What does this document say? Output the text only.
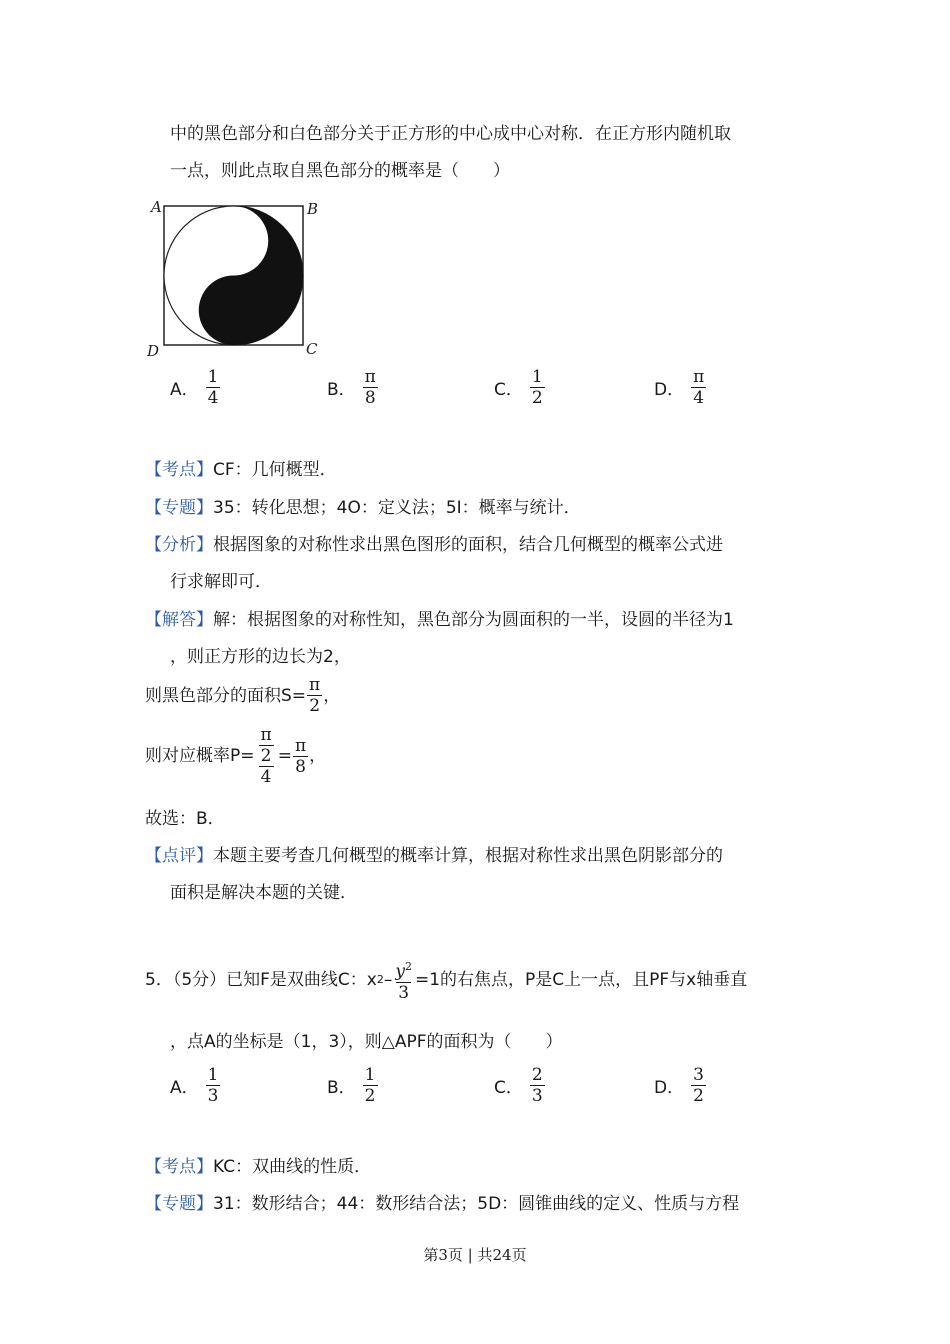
中的黑色部分和白色部分关于正方形的中心成中心对称．在正方形内随机取
一点，则此点取自黑色部分的概率是（　　）
A	B
C
D
A． $\frac{1}{4}$	B． $\frac{\pi}{8}$	C． $\frac{1}{2}$	D． $\frac{\pi}{4}$
【考点】CF：几何概型．
【专题】35：转化思想；4O：定义法；5I：概率与统计．
【分析】根据图象的对称性求出黑色图形的面积，结合几何概型的概率公式进
行求解即可．
【解答】解：根据图象的对称性知，黑色部分为圆面积的一半，设圆的半径为1
，则正方形的边长为2，
则黑色部分的面积$S= \frac{\pi}{2}$ ，
则对应概率$P= \frac{\frac{\pi}{2}}{4} = \frac{\pi}{8}$ ，
故选：B．
【点评】本题主要考查几何概型的概率计算，根据对称性求出黑色阴影部分的
面积是解决本题的关键．
5．（5分）已知F是双曲线C：x $2 - \frac{y^2}{3} =1$的右焦点，P是C上一点，且PF与x轴垂直
，点A的坐标是（1，3），则△APF的面积为（　　）
A． $\frac{1}{3}$	B． $\frac{1}{2}$	C． $\frac{2}{3}$	D． $\frac{3}{2}$
【考点】KC：双曲线的性质．
【专题】31：数形结合；44：数形结合法；5D：圆锥曲线的定义、性质与方程
第3页 | 共24页
